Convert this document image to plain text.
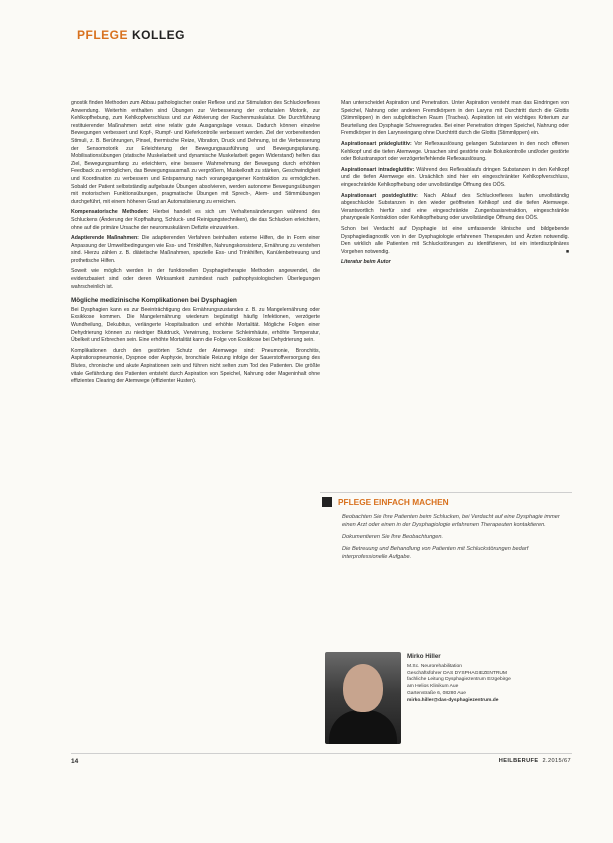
PFLEGE KOLLEG

gnostik finden Methoden zum Abbau pathologischer oraler Reflexe und zur Stimulation des Schluckreflexes Anwendung. Weiterhin enthalten sind Übungen zur Verbesserung der orofazialen Motorik, zur Kehlkopfhebung, zum Kehlkopfverschluss und zur Aktivierung der Rachenmuskulatur. Die Durchführung restituierender Maßnahmen setzt eine relativ gute Ausgangslage voraus. Dadurch können einzelne Bewegungen verbessert und Kopf-, Rumpf- und Kieferkontrolle verbessert werden. Ziel der vorbereitenden Stimuli, z. B. Berührungen, Pinsel, thermische Reize, Vibration, Druck und Dehnung, ist die Verbesserung der Sensomotorik zur Erleichterung der Bewegungsausführung und Bewegungsplanung. Mobilisationsübungen (statische Muskelarbeit und dynamische Muskelarbeit gegen Widerstand) helfen das Ziel, Bewegungsumfang zu erleichtern, eine bessere Wahrnehmung der Bewegung durch erhöhten Feedback zu ermöglichen, das Bewegungsausmaß zu vergrößern, Muskelkraft zu stärken, Geschwindigkeit und Koordination zu verbessern und Entspannung nach vorangegangener Kontraktion zu ermöglichen. Sobald der Patient selbstständig aufgebaute Übungen absolvieren, werden autonome Bewegungsübungen mit motorischen Funktionsübungen, pragmatische Übungen mit Sprech-, Atem- und Stimmübungen durchgeführt, mit einem höheren Grad an Automatisierung zu erreichen.

Kompensatorische Methoden: Hierbei handelt es sich um Verhaltensänderungen während des Schluckens (Änderung der Kopfhaltung, Schluck- und Reinigungstechniken), die das Schlucken erleichtern, ohne auf die primäre Ursache der neuromuskulären Defizite einzuwirken.

Adaptierende Maßnahmen: Die adaptierenden Verfahren beinhalten externe Hilfen, die in Form einer Anpassung der Umweltbedingungen wie Ess- und Trinkhilfen, Nahrungskonsistenz, Ernährung zu verstehen sind. Hierzu zählen z. B. diätetische Maßnahmen, spezielle Ess- und Trinkhilfen, Kanülenbetreuung und prothetische Hilfen.

Soweit wie möglich werden in der funktionellen Dysphagietherapie Methoden angewendet, die evidenzbasiert sind oder deren Wirksamkeit zumindest nach pathophysiologischen Überlegungen wahrscheinlich ist.

Mögliche medizinische Komplikationen bei Dysphagien

Bei Dysphagien kann es zur Beeinträchtigung des Ernährungszustandes z. B. zu Mangelernährung oder Exsikkose kommen. Die Mangelernährung wiederum begünstigt häufig Infektionen, verzögerte Wundheilung, Dekubitus, verlängerte Hospitalisation und erhöhte Mortalität. Mögliche Folgen einer Dehydrierung können zu niedriger Blutdruck, Verwirrung, trockene Schleimhäute, erhöhte Temperatur, Übelkeit und Erbrechen sein. Eine erhöhte Mortalität kann die Folge von Exsikkose bei Dehydrierung sein.

Komplikationen durch den gestörten Schutz der Atemwege sind: Pneumonie, Bronchitis, Aspirationspneumonie, Dyspnoe oder Asphyxie, bronchiale Reizung infolge der Sauerstoffversorgung des Blutes, chronische und akute Aspirationen sein und führen nicht selten zum Tod des Patienten. Die größte vitale Gefährdung des Patienten entsteht durch Aspiration von Speichel, Nahrung oder Mageninhalt ohne effizientes Clearing der Atemwege (effizienter Husten).

Man unterscheidet Aspiration und Penetration. Unter Aspiration versteht man das Eindringen von Speichel, Nahrung oder anderen Fremdkörpern in den Larynx mit Durchtritt durch die Glottis (Stimmlippen) in den subglottischen Raum (Trachea). Aspiration ist ein wichtiges Kriterium zur Beurteilung des Dysphagie Schweregrades. Bei einer Penetration dringen Speichel, Nahrung oder Fremdkörper in den Larynxeingang ohne Durchtritt durch die Glottis (Stimmlippen) ein.

Aspirationsart prädeglutitiv: Vor Reflexauslösung gelangen Substanzen in den noch offenen Kehlkopf und die tiefen Atemwege. Ursachen sind gestörte orale Boluskontrolle und/oder gestörte oder Bolustransport oder verzögerte/fehlende Reflexauslösung.

Aspirationsart intradeglutitiv: Während des Reflexablaufs dringen Substanzen in den Kehlkopf und die tiefen Atemwege ein. Ursächlich sind hier ein eingeschränkter Kehlkopfverschluss, eingeschränkte Kehlkopfhebung oder unvollständige Öffnung des OÖS.

Aspirationsart postdeglutitiv: Nach Ablauf des Schluckreflexes laufen unvollständig abgeschluckte Substanzen in den wieder geöffneten Kehlkopf und die tiefen Atemwege. Verantwortlich hierfür sind eine eingeschränkte Zungenbasisretraktion, eingeschränkte pharyngeale Kontraktion oder Kehlkopfhebung oder unvollständige Öffnung des OÖS.

Schon bei Verdacht auf Dysphagie ist eine umfassende klinische und bildgebende Dysphagiediagnostik von in der Dysphagiologie erfahrenen Therapeuten und Ärzten notwendig. Den wirklich alle Patienten mit Schluckstörungen zu identifizieren, ist ein interdisziplinäres Vorgehen notwendig.	■

Literatur beim Autor

PFLEGE EINFACH MACHEN
Beobachten Sie Ihre Patienten beim Schlucken, bei Verdacht auf eine Dysphagie immer einen Arzt oder einen in der Dysphagiologie erfahrenen Therapeuten kontaktieren.
Dokumentieren Sie Ihre Beobachtungen.
Die Betreuung und Behandlung von Patienten mit Schluckstörungen bedarf interprofessionelle Aufgabe.
Mirko Hiller
M.Sc. Neurorehabilitation
Geschäftsführer DAS DYSPHAGIEZENTRUM
fachliche Leitung Dysphagiezentrum Erzgebirge
am Helios Klinikum Aue
Gartenstraße 6, 08280 Aue
mirko.hiller@das-dysphagiezentrum.de
14	HEILBERUFE 2.2015/67
